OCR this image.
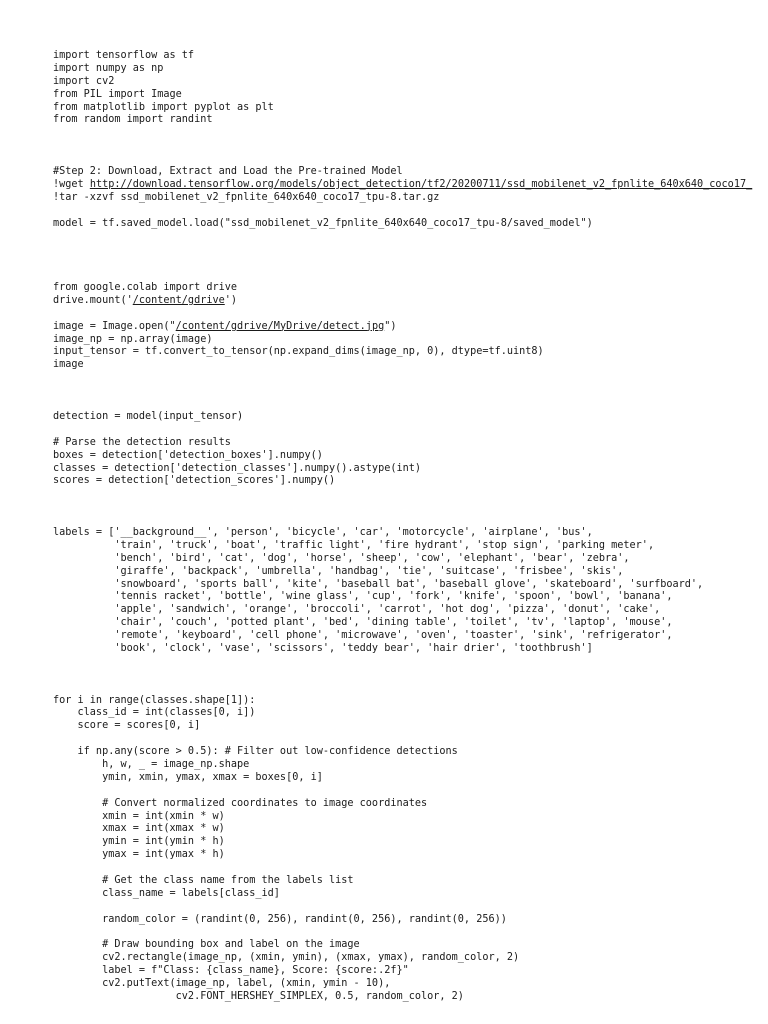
import tensorflow as tf
import numpy as np
import cv2
from PIL import Image
from matplotlib import pyplot as plt
from random import randint

#Step 2: Download, Extract and Load the Pre-trained Model
!wget http://download.tensorflow.org/models/object_detection/tf2/20200711/ssd_mobilenet_v2_fpnlite_640x640_coco17_
!tar -xzvf ssd_mobilenet_v2_fpnlite_640x640_coco17_tpu-8.tar.gz

model = tf.saved_model.load("ssd_mobilenet_v2_fpnlite_640x640_coco17_tpu-8/saved_model")

from google.colab import drive
drive.mount('/content/gdrive')

image = Image.open("/content/gdrive/MyDrive/detect.jpg")
image_np = np.array(image)
input_tensor = tf.convert_to_tensor(np.expand_dims(image_np, 0), dtype=tf.uint8)
image

detection = model(input_tensor)

# Parse the detection results
boxes = detection['detection_boxes'].numpy()
classes = detection['detection_classes'].numpy().astype(int)
scores = detection['detection_scores'].numpy()

labels = ['__background__', 'person', 'bicycle', 'car', 'motorcycle', 'airplane', 'bus',
'train', 'truck', 'boat', 'traffic light', 'fire hydrant', 'stop sign', 'parking meter',
'bench', 'bird', 'cat', 'dog', 'horse', 'sheep', 'cow', 'elephant', 'bear', 'zebra',
'giraffe', 'backpack', 'umbrella', 'handbag', 'tie', 'suitcase', 'frisbee', 'skis',
'snowboard', 'sports ball', 'kite', 'baseball bat', 'baseball glove', 'skateboard', 'surfboard',
'tennis racket', 'bottle', 'wine glass', 'cup', 'fork', 'knife', 'spoon', 'bowl', 'banana',
'apple', 'sandwich', 'orange', 'broccoli', 'carrot', 'hot dog', 'pizza', 'donut', 'cake',
'chair', 'couch', 'potted plant', 'bed', 'dining table', 'toilet', 'tv', 'laptop', 'mouse',
'remote', 'keyboard', 'cell phone', 'microwave', 'oven', 'toaster', 'sink', 'refrigerator',
'book', 'clock', 'vase', 'scissors', 'teddy bear', 'hair drier', 'toothbrush']

for i in range(classes.shape[1]):
class_id = int(classes[0, i])
score = scores[0, i]

if np.any(score > 0.5): # Filter out low-confidence detections
h, w, _ = image_np.shape
ymin, xmin, ymax, xmax = boxes[0, i]

# Convert normalized coordinates to image coordinates
xmin = int(xmin * w)
xmax = int(xmax * w)
ymin = int(ymin * h)
ymax = int(ymax * h)

# Get the class name from the labels list
class_name = labels[class_id]

random_color = (randint(0, 256), randint(0, 256), randint(0, 256))

# Draw bounding box and label on the image
cv2.rectangle(image_np, (xmin, ymin), (xmax, ymax), random_color, 2)
label = f"Class: {class_name}, Score: {score:.2f}"
cv2.putText(image_np, label, (xmin, ymin - 10),
cv2.FONT_HERSHEY_SIMPLEX, 0.5, random_color, 2)
